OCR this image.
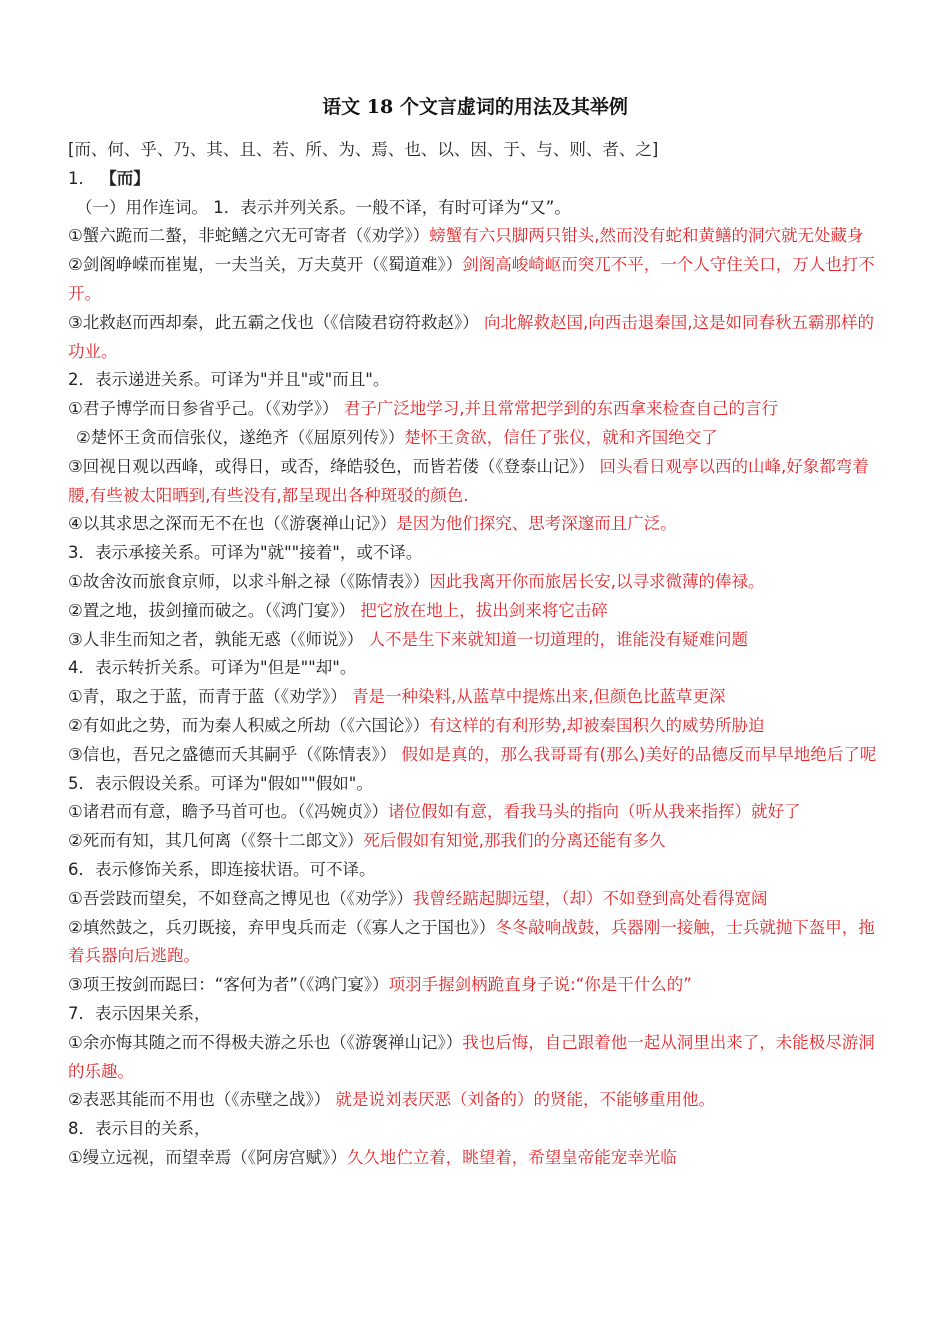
语文 18 个文言虚词的用法及其举例
[而、何、乎、乃、其、且、若、所、为、焉、也、以、因、于、与、则、者、之]
1． 【而】
（一）用作连词。 1．表示并列关系。一般不译，有时可译为“又”。
①蟹六跪而二螯，非蛇鳝之穴无可寄者（《劝学》）螃蟹有六只脚两只钳头,然而没有蛇和黄鳝的洞穴就无处藏身
②剑阁峥嵘而崔嵬，一夫当关，万夫莫开（《蜀道难》）剑阁高峻崎岖而突兀不平，一个人守住关口，万人也打不开。
③北救赵而西却秦，此五霸之伐也（《信陵君窃符救赵》） 向北解救赵国,向西击退秦国,这是如同春秋五霸那样的功业。
2．表示递进关系。可译为"并且"或"而且"。
①君子博学而日参省乎己。（《劝学》） 君子广泛地学习,并且常常把学到的东西拿来检查自己的言行
②楚怀王贪而信张仪，遂绝齐（《屈原列传》）楚怀王贪欲，信任了张仪，就和齐国绝交了
③回视日观以西峰，或得日，或否，绛皓驳色，而皆若偻（《登泰山记》） 回头看日观亭以西的山峰,好象都弯着腰,有些被太阳晒到,有些没有,都呈现出各种斑驳的颜色.
④以其求思之深而无不在也（《游褒禅山记》）是因为他们探究、思考深邃而且广泛。
3．表示承接关系。可译为"就""接着"，或不译。
①故舍汝而旅食京师，以求斗斛之禄（《陈情表》）因此我离开你而旅居长安,以寻求微薄的俸禄。
②置之地，拔剑撞而破之。（《鸿门宴》） 把它放在地上，拔出剑来将它击碎
③人非生而知之者，孰能无惑（《师说》） 人不是生下来就知道一切道理的，谁能没有疑难问题
4．表示转折关系。可译为"但是""却"。
①青，取之于蓝，而青于蓝（《劝学》） 青是一种染料,从蓝草中提炼出来,但颜色比蓝草更深
②有如此之势，而为秦人积威之所劫（《六国论》）有这样的有利形势,却被秦国积久的威势所胁迫
③信也，吾兄之盛德而夭其嗣乎（《陈情表》） 假如是真的，那么我哥哥有(那么)美好的品德反而早早地绝后了呢
5．表示假设关系。可译为"假如""假如"。
①诸君而有意，瞻予马首可也。（《冯婉贞》）诸位假如有意，看我马头的指向（听从我来指挥）就好了
②死而有知，其几何离（《祭十二郎文》）死后假如有知觉,那我们的分离还能有多久
6．表示修饰关系，即连接状语。可不译。
①吾尝跂而望矣，不如登高之博见也（《劝学》）我曾经踮起脚远望，（却）不如登到高处看得宽阔
②填然鼓之，兵刃既接，弃甲曳兵而走（《寡人之于国也》）冬冬敲响战鼓，兵器刚一接触，士兵就抛下盔甲，拖着兵器向后逃跑。
③项王按剑而跽曰：“客何为者”（《鸿门宴》）项羽手握剑柄跪直身子说:“你是干什么的”
7．表示因果关系，
①余亦悔其随之而不得极夫游之乐也（《游褒禅山记》）我也后悔，自己跟着他一起从洞里出来了，未能极尽游洞的乐趣。
②表恶其能而不用也（《赤壁之战》） 就是说刘表厌恶（刘备的）的贤能，不能够重用他。
8．表示目的关系，
①缦立远视，而望幸焉（《阿房宫赋》）久久地伫立着，眺望着，希望皇帝能宠幸光临
